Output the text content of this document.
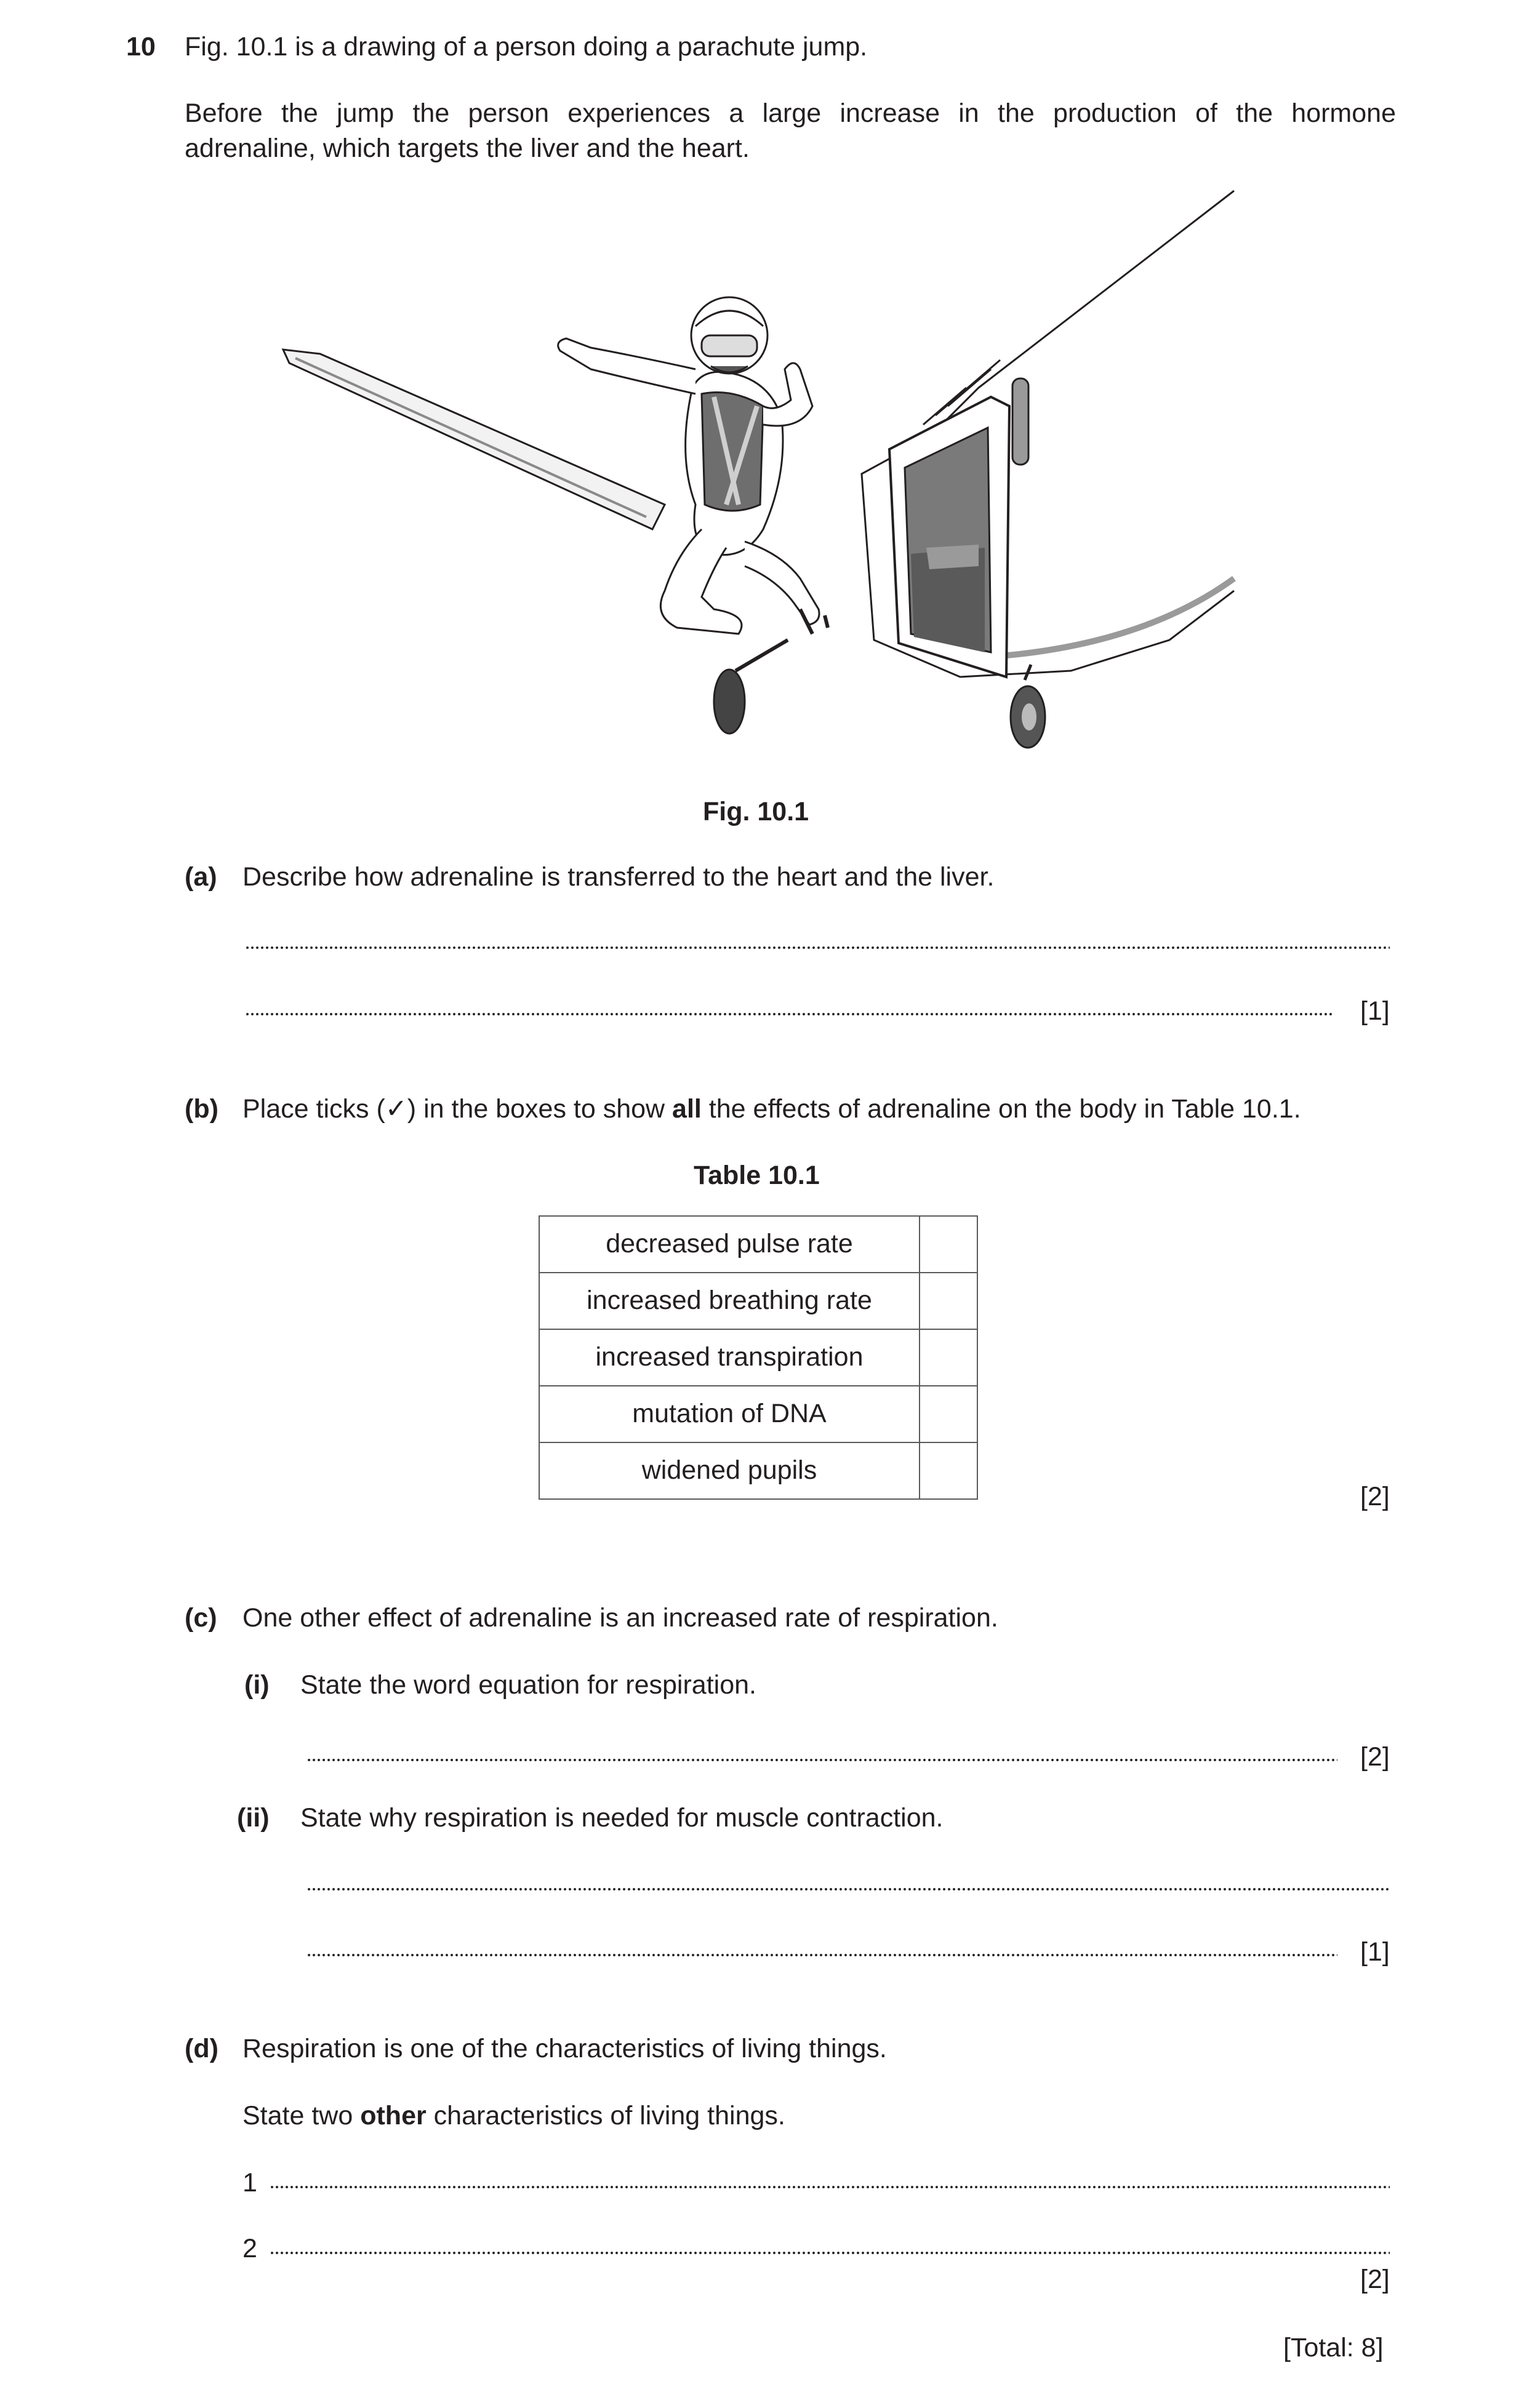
10 Fig. 10.1 is a drawing of a person doing a parachute jump.
Before the jump the person experiences a large increase in the production of the hormone
adrenaline, which targets the liver and the heart.
Fig. 10.1
(a) Describe how adrenaline is transferred to the heart and the liver.
[1]
(b) Place ticks (✓) in the boxes to show all the effects of adrenaline on the body in Table 10.1.
Table 10.1
decreased pulse rate	
increased breathing rate	
increased transpiration	
mutation of DNA	
widened pupils	
[2]
(c) One other effect of adrenaline is an increased rate of respiration.
(i) State the word equation for respiration.
[2]
(ii) State why respiration is needed for muscle contraction.
[1]
(d) Respiration is one of the characteristics of living things.
State two other characteristics of living things.
1
2
[2]
[Total: 8]
